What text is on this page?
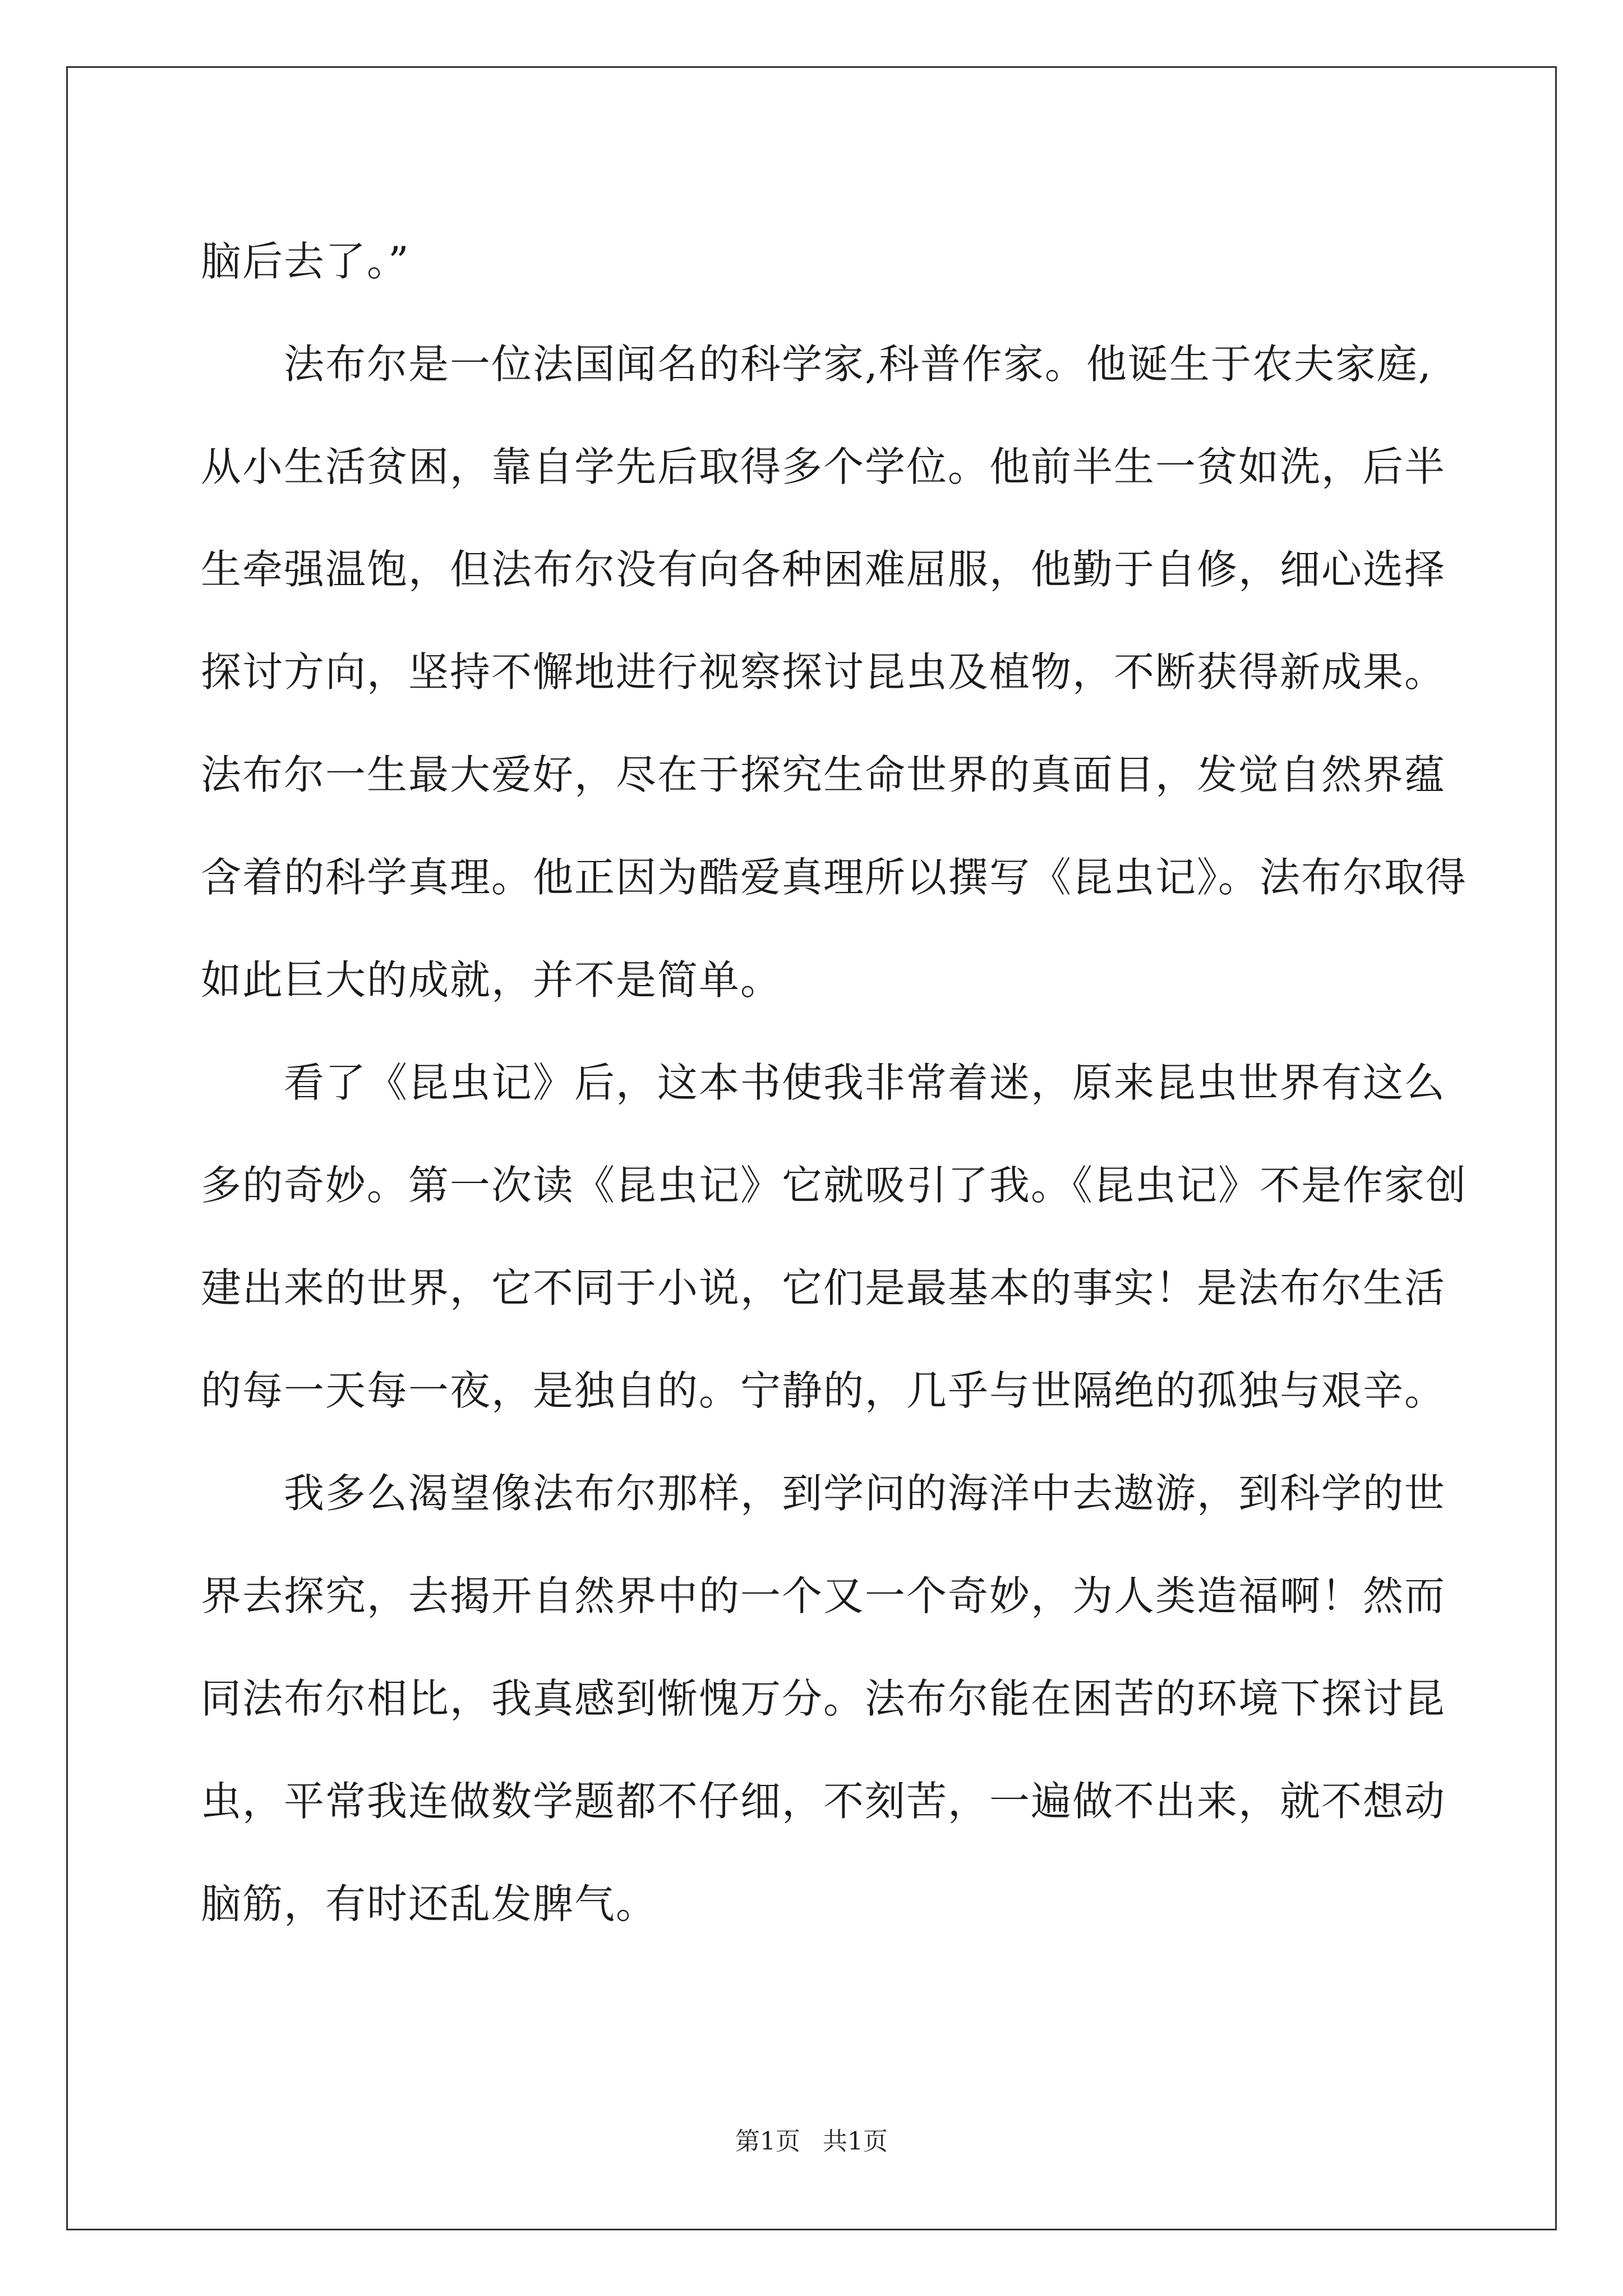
脑后去了。”
法布尔是一位法国闻名的科学家,科普作家。他诞生于农夫家庭,
从小生活贫困，靠自学先后取得多个学位。他前半生一贫如洗，后半
生牵强温饱，但法布尔没有向各种困难屈服，他勤于自修，细心选择
探讨方向，坚持不懈地进行视察探讨昆虫及植物，不断获得新成果。
法布尔一生最大爱好，尽在于探究生命世界的真面目，发觉自然界蕴
含着的科学真理。他正因为酷爱真理所以撰写《昆虫记》。法布尔取得
如此巨大的成就，并不是简单。
看了《昆虫记》后，这本书使我非常着迷，原来昆虫世界有这么
多的奇妙。第一次读《昆虫记》它就吸引了我。《昆虫记》不是作家创
建出来的世界，它不同于小说，它们是最基本的事实！是法布尔生活
的每一天每一夜，是独自的。宁静的，几乎与世隔绝的孤独与艰辛。
我多么渴望像法布尔那样，到学问的海洋中去遨游，到科学的世
界去探究，去揭开自然界中的一个又一个奇妙，为人类造福啊！然而
同法布尔相比，我真感到惭愧万分。法布尔能在困苦的环境下探讨昆
虫，平常我连做数学题都不仔细，不刻苦，一遍做不出来，就不想动
脑筋，有时还乱发脾气。
第1页 共1页
